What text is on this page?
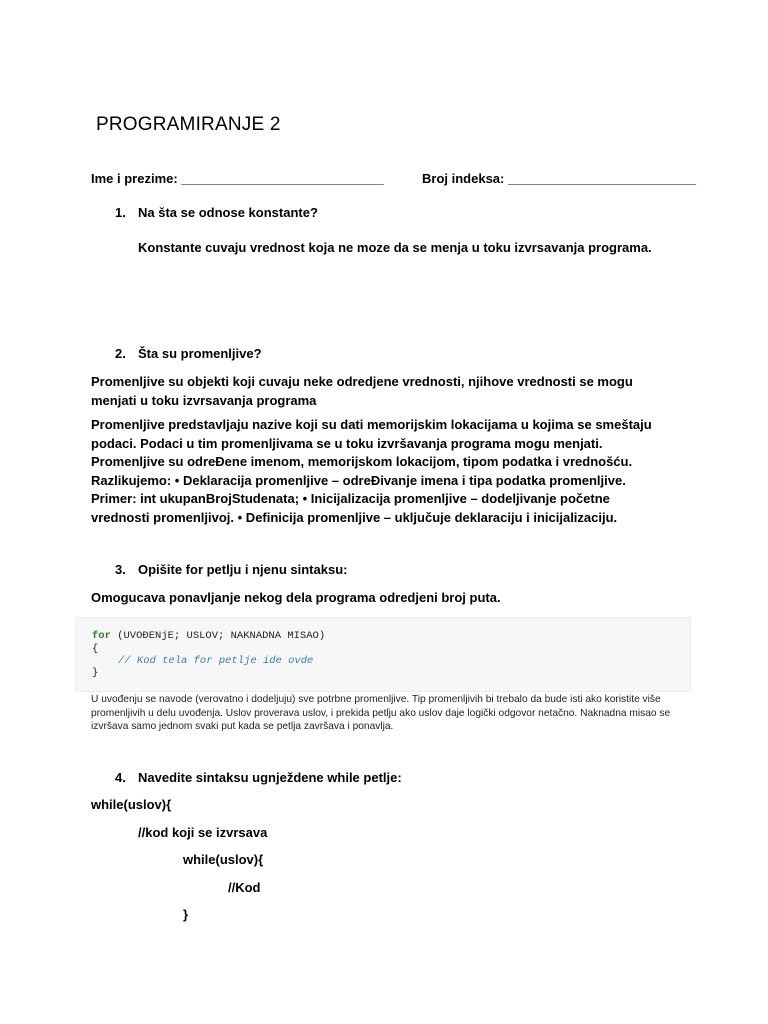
PROGRAMIRANJE 2
Ime i prezime: ____________________________	Broj indeksa: __________________________
1. Na šta se odnose konstante?
Konstante cuvaju vrednost koja ne moze da se menja u toku izvrsavanja programa.
2. Šta su promenljive?
Promenljive su objekti koji cuvaju neke odredjene vrednosti, njihove vrednosti se mogu menjati u toku izvrsavanja programa
Promenljive predstavljaju nazive koji su dati memorijskim lokacijama u kojima se smeštaju podaci. Podaci u tim promenljivama se u toku izvršavanja programa mogu menjati. Promenljive su odreĐene imenom, memorijskom lokacijom, tipom podatka i vrednošću. Razlikujemo: • Deklaracija promenljive – odreĐivanje imena i tipa podatka promenljive. Primer: int ukupanBrojStudenata; • Inicijalizacija promenljive – dodeljivanje početne vrednosti promenljivoj. • Definicija promenljive – uključuje deklaraciju i inicijalizaciju.
3. Opišite for petlju i njenu sintaksu:
Omogucava ponavljanje nekog dela programa odredjeni broj puta.
for (UVOĐENjE; USLOV; NAKNADNA MISAO)
{
// Kod tela for petlje ide ovde
}
U uvođenju se navode (verovatno i dodeljuju) sve potrbne promenljive. Tip promenljivih bi trebalo da bude isti ako koristite više promenljivih u delu uvođenja. Uslov proverava uslov, i prekida petlju ako uslov daje logički odgovor netačno. Naknadna misao se izvršava samo jednom svaki put kada se petlja završava i ponavlja.
4. Navedite sintaksu ugnježdene while petlje:
while(uslov){
//kod koji se izvrsava
while(uslov){
//Kod
}
